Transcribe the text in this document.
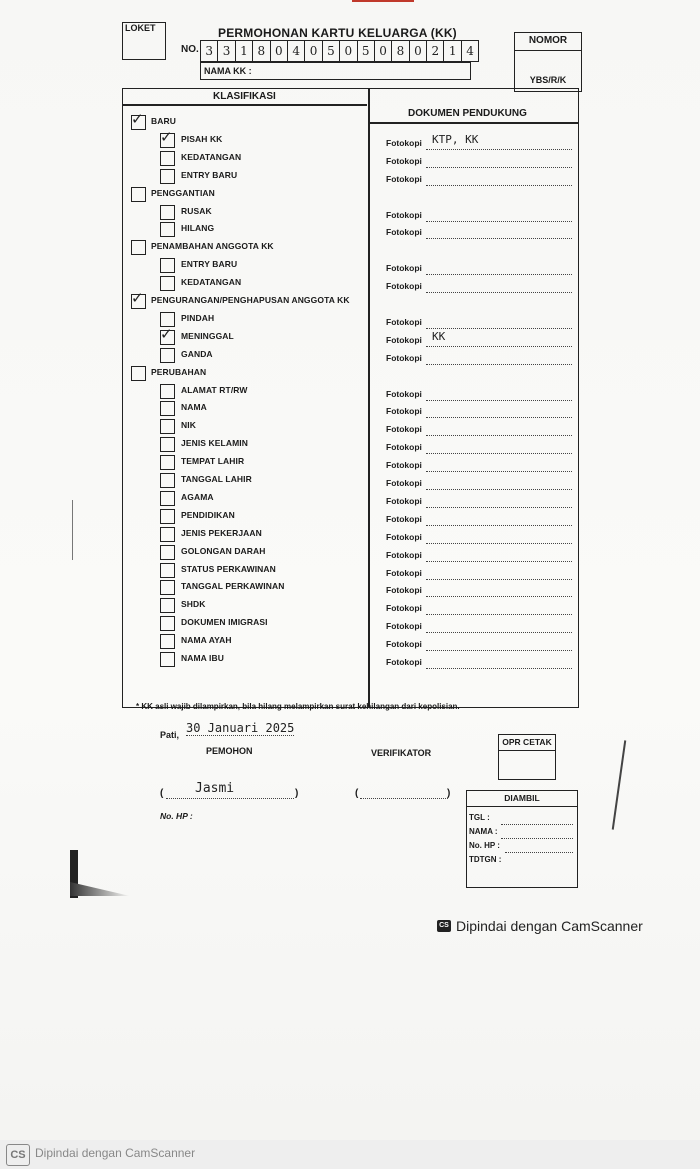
LOKET	PERMOHONAN KARTU KELUARGA (KK)
NO. 3 3 1 8 0 4 0 5 0 5 0 8 0 2 1 4
NAMA KK :
NOMOR
YBS/R/K
KLASIFIKASI
DOKUMEN PENDUKUNG
✓ BARU
✓ PISAH KK	Fotokopi KTP, KK
KEDATANGAN	Fotokopi
ENTRY BARU	Fotokopi
PENGGANTIAN
RUSAK	Fotokopi
HILANG	Fotokopi
PENAMBAHAN ANGGOTA KK
ENTRY BARU	Fotokopi
KEDATANGAN	Fotokopi
✓ PENGURANGAN/PENGHAPUSAN ANGGOTA KK
PINDAH	Fotokopi
✓ MENINGGAL	Fotokopi KK
GANDA	Fotokopi
PERUBAHAN
ALAMAT RT/RW	Fotokopi
NAMA	Fotokopi
NIK	Fotokopi
JENIS KELAMIN	Fotokopi
TEMPAT LAHIR	Fotokopi
TANGGAL LAHIR	Fotokopi
AGAMA	Fotokopi
PENDIDIKAN	Fotokopi
JENIS PEKERJAAN	Fotokopi
GOLONGAN DARAH	Fotokopi
STATUS PERKAWINAN	Fotokopi
TANGGAL PERKAWINAN	Fotokopi
SHDK	Fotokopi
DOKUMEN IMIGRASI	Fotokopi
NAMA AYAH	Fotokopi
NAMA IBU	Fotokopi
* KK asli wajib dilampirkan, bila hilang melampirkan surat kehilangan dari kepolisian.
Pati, 30 Januari 2025
PEMOHON	VERIFIKATOR
OPR CETAK
( Jasmi	)	(	)
No. HP :
DIAMBIL
TGL :
NAMA :
No. HP :
TDTGN :
CS Dipindai dengan CamScanner
CS Dipindai dengan CamScanner
